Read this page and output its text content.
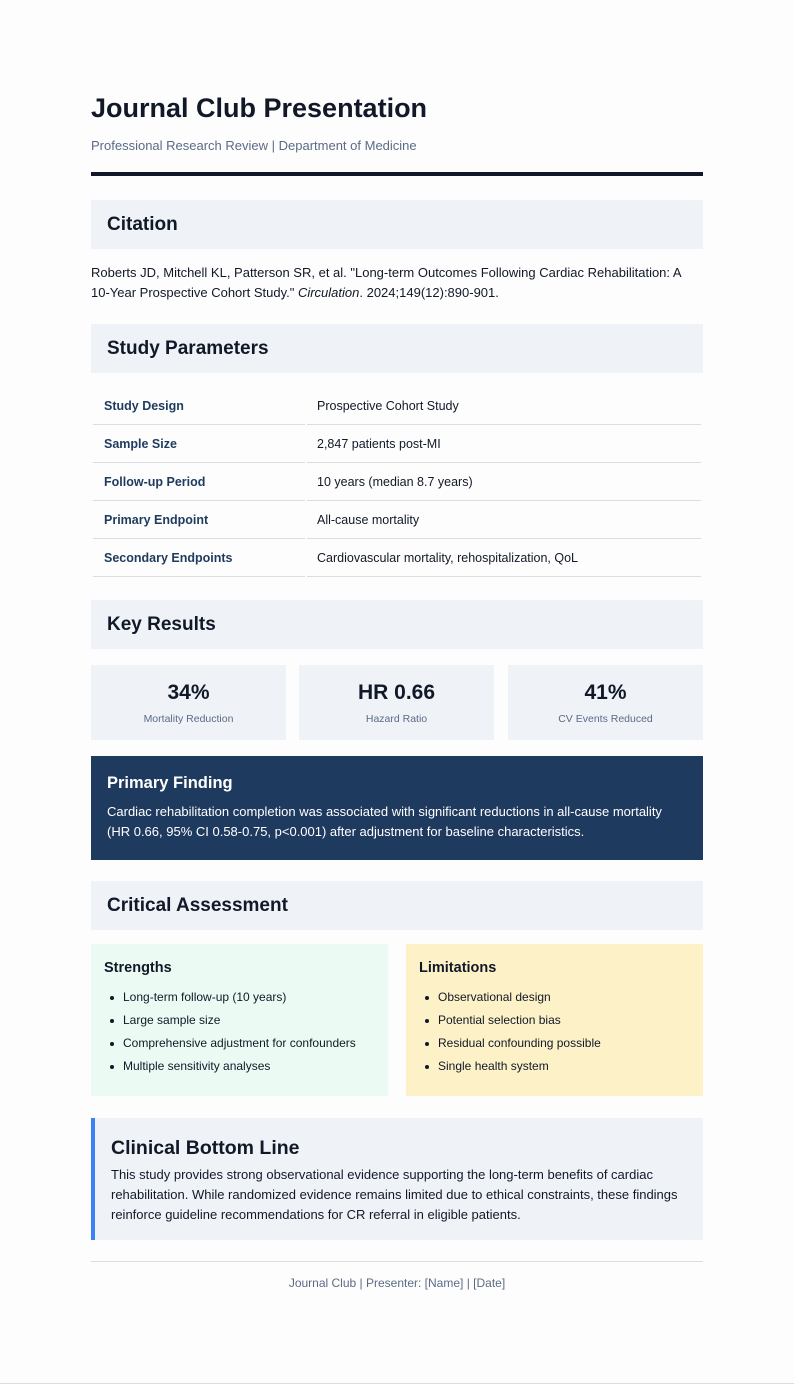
Journal Club Presentation
Professional Research Review | Department of Medicine
Citation

Roberts JD, Mitchell KL, Patterson SR, et al. "Long-term Outcomes Following Cardiac Rehabilitation: A 10-Year Prospective Cohort Study." Circulation. 2024;149(12):890-901.

Study Parameters
Study Design	Prospective Cohort Study
Sample Size	2,847 patients post-MI
Follow-up Period	10 years (median 8.7 years)
Primary Endpoint	All-cause mortality
Secondary Endpoints	Cardiovascular mortality, rehospitalization, QoL
Key Results
34%
Mortality Reduction
HR 0.66
Hazard Ratio
41%
CV Events Reduced
Primary Finding
Cardiac rehabilitation completion was associated with significant reductions in all-cause mortality (HR 0.66, 95% CI 0.58-0.75, p<0.001) after adjustment for baseline characteristics.
Critical Assessment
Strengths
Long-term follow-up (10 years)
Large sample size
Comprehensive adjustment for confounders
Multiple sensitivity analyses
Limitations
Observational design
Potential selection bias
Residual confounding possible
Single health system
Clinical Bottom Line
This study provides strong observational evidence supporting the long-term benefits of cardiac rehabilitation. While randomized evidence remains limited due to ethical constraints, these findings reinforce guideline recommendations for CR referral in eligible patients.
Journal Club | Presenter: [Name] | [Date]
